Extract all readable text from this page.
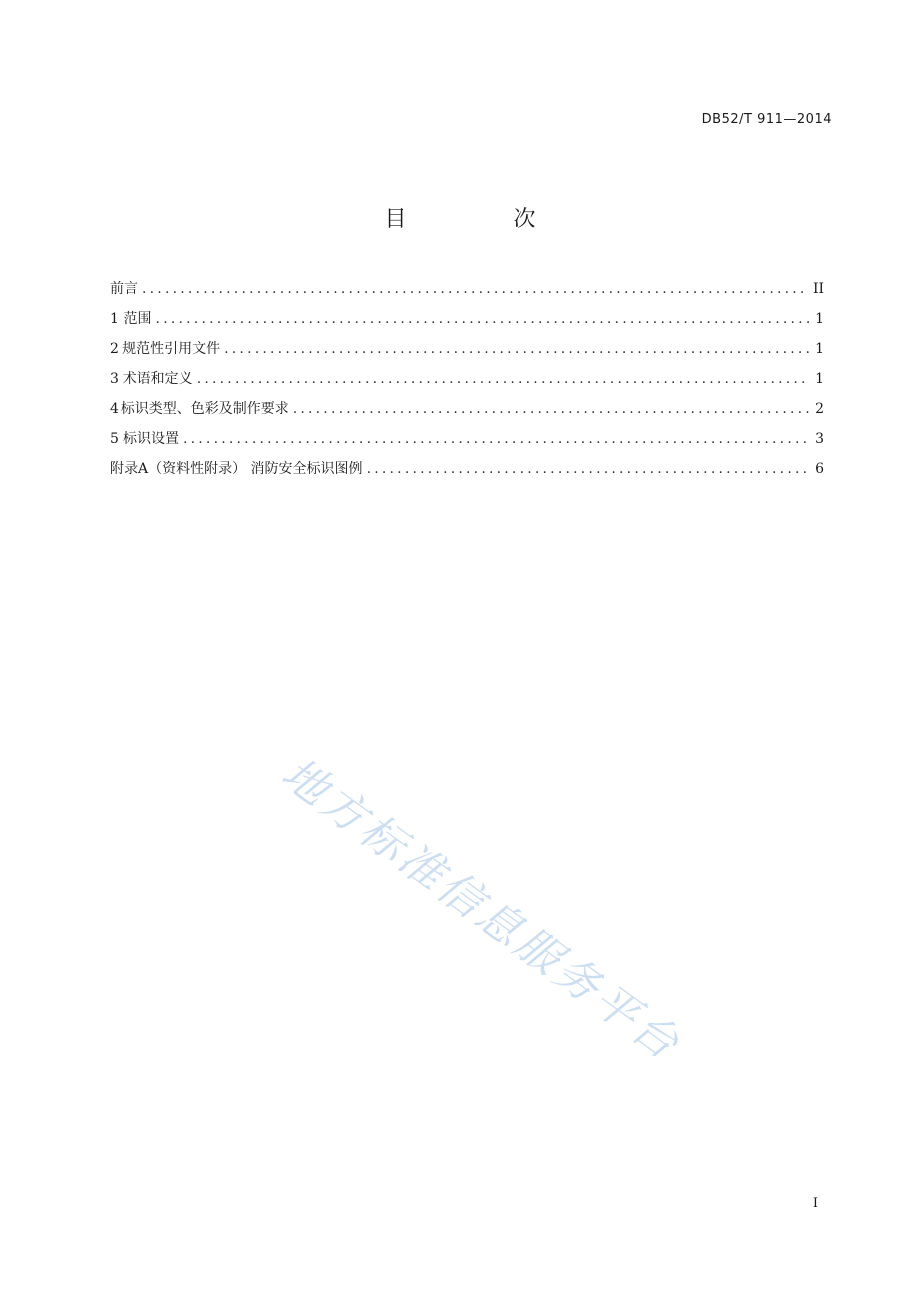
DB52/T 911—2014
目 次
前言 .....	II
1 范围 .....	1
2 规范性引用文件 .....	1
3 术语和定义 .....	1
4 标识类型、色彩及制作要求 .....	2
5 标识设置 .....	3
附录A（资料性附录） 消防安全标识图例 .....	6
地方标准信息服务平台
I
